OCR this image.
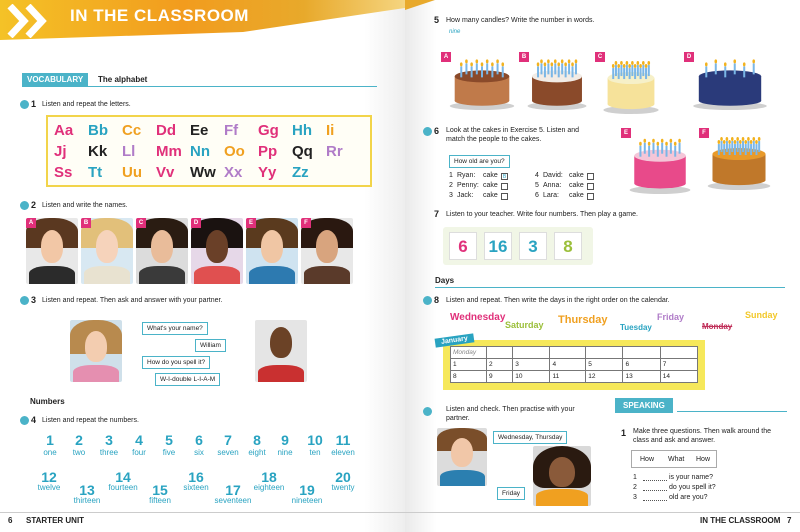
IN THE CLASSROOM
VOCABULARY	The alphabet
1 Listen and repeat the letters.
Aa Bb Cc Dd Ee Ff Gg Hh Ii
Jj Kk Ll Mm Nn Oo Pp Qq Rr
Ss Tt Uu Vv Ww Xx Yy Zz
2 Listen and write the names.
A	B	C	D	E	F
3 Listen and repeat. Then ask and answer with your partner.
What's your name?
William
How do you spell it?
W-I-double L-I-A-M
Numbers
4 Listen and repeat the numbers.
1
one
2
two
3
three
4
four
5
five
6
six
7
seven
8
eight
9
nine
10
ten
11
eleven
12
twelve	13
thirteen
14
fourteen	15
fifteen
16
sixteen	17
seventeen
18
eighteen	19
nineteen
20
twenty
6 STARTER UNIT
5 How many candles? Write the number in words.
nine
A	B	C	D
E	F
6 Look at the cakes in Exercise 5. Listen and
match the people to the cakes.
How old are you?
1 Ryan: cake	B
2 Penny: cake
3 Jack: cake
4 David: cake
5 Anna: cake
6 Lara: cake
7 Listen to your teacher. Write four numbers. Then play a game.
6	16	3	8
Days
8 Listen and repeat. Then write the days in the right order on the calendar.
Wednesday
Saturday Thursday
Tuesday
Friday
Monday
Sunday
January
Monday						
1	2	3	4	5	6	7
8	9	10	11	12	13	14
Listen and check. Then practise with your
partner.
Wednesday, Thursday
Friday
SPEAKING
1 Make three questions. Then walk around the
class and ask and answer.
How What How
1	is your name?
2	do you spell it?
3	old are you?
IN THE CLASSROOM 7
